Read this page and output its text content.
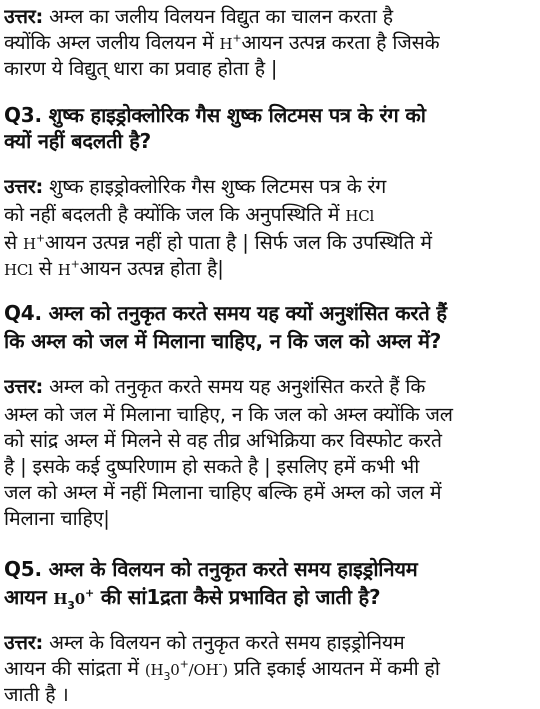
उत्तर: अम्ल का जलीय विलयन विद्युत का चालन करता है
क्योंकि अम्ल जलीय विलयन में H+आयन उत्पन्न करता है जिसके
कारण ये विद्युत् धारा का प्रवाह होता है |
Q3. शुष्क हाइड्रोक्लोरिक गैस शुष्क लिटमस पत्र के रंग को
क्यों नहीं बदलती है?
उत्तर: शुष्क हाइड्रोक्लोरिक गैस शुष्क लिटमस पत्र के रंग
को नहीं बदलती है क्योंकि जल कि अनुपस्थिति में HCl
से H+आयन उत्पन्न नहीं हो पाता है | सिर्फ जल कि उपस्थिति में
HCl से H+आयन उत्पन्न होता है|
Q4. अम्ल को तनुकृत करते समय यह क्यों अनुशंसित करते हैं
कि अम्ल को जल में मिलाना चाहिए, न कि जल को अम्ल में?
उत्तर: अम्ल को तनुकृत करते समय यह अनुशंसित करते हैं कि
अम्ल को जल में मिलाना चाहिए, न कि जल को अम्ल क्योंकि जल
को सांद्र अम्ल में मिलने से वह तीव्र अभिक्रिया कर विस्फोट करते
है | इसके कई दुष्परिणाम हो सकते है | इसलिए हमें कभी भी
जल को अम्ल में नहीं मिलाना चाहिए बल्कि हमें अम्ल को जल में
मिलाना चाहिए|
Q5. अम्ल के विलयन को तनुकृत करते समय हाइड्रोनियम
आयन $H_30^+$ की सां1द्रता कैसे प्रभावित हो जाती है?
उत्तर: अम्ल के विलयन को तनुकृत करते समय हाइड्रोनियम
आयन की सांद्रता में $(H_30^+/OH^-)$ प्रति इकाई आयतन में कमी हो
जाती है ।
